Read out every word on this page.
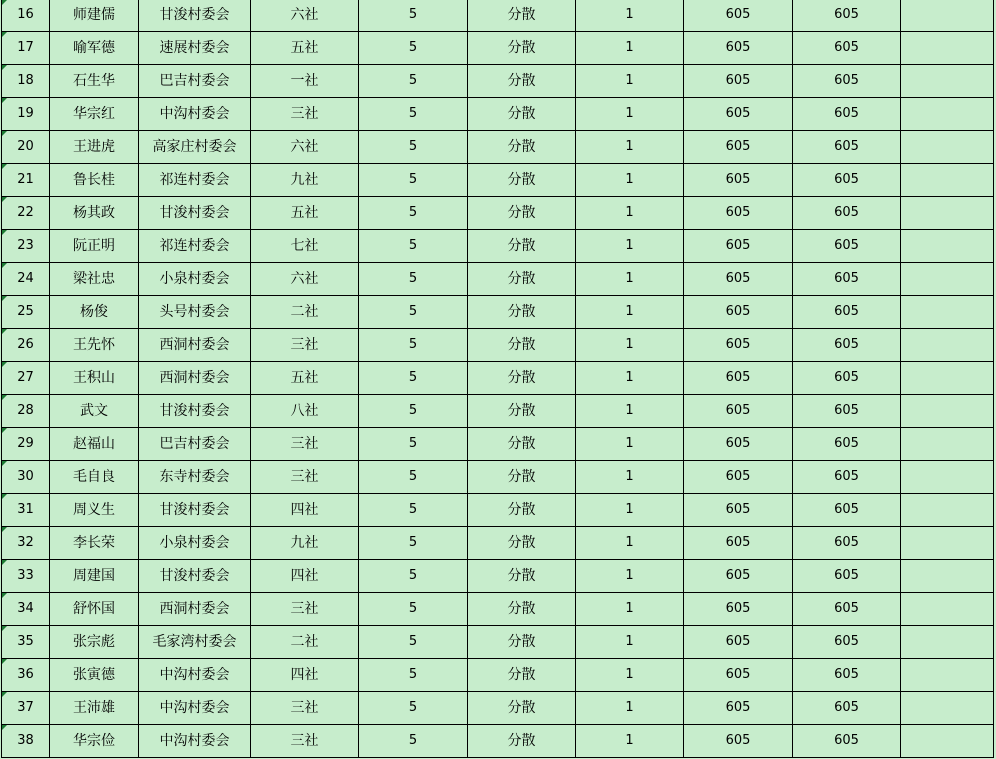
16	师建儒	甘浚村委会	六社	5	分散	1	605	605	

17	喻军德	速展村委会	五社	5	分散	1	605	605	

18	石生华	巴吉村委会	一社	5	分散	1	605	605	

19	华宗红	中沟村委会	三社	5	分散	1	605	605	

20	王进虎	高家庄村委会	六社	5	分散	1	605	605	

21	鲁长桂	祁连村委会	九社	5	分散	1	605	605	

22	杨其政	甘浚村委会	五社	5	分散	1	605	605	

23	阮正明	祁连村委会	七社	5	分散	1	605	605	

24	梁社忠	小泉村委会	六社	5	分散	1	605	605	

25	杨俊	头号村委会	二社	5	分散	1	605	605	

26	王先怀	西洞村委会	三社	5	分散	1	605	605	

27	王积山	西洞村委会	五社	5	分散	1	605	605	

28	武文	甘浚村委会	八社	5	分散	1	605	605	

29	赵福山	巴吉村委会	三社	5	分散	1	605	605	

30	毛自良	东寺村委会	三社	5	分散	1	605	605	

31	周义生	甘浚村委会	四社	5	分散	1	605	605	

32	李长荣	小泉村委会	九社	5	分散	1	605	605	

33	周建国	甘浚村委会	四社	5	分散	1	605	605	

34	舒怀国	西洞村委会	三社	5	分散	1	605	605	

35	张宗彪	毛家湾村委会	二社	5	分散	1	605	605	

36	张寅德	中沟村委会	四社	5	分散	1	605	605	

37	王沛雄	中沟村委会	三社	5	分散	1	605	605	

38	华宗俭	中沟村委会	三社	5	分散	1	605	605	
